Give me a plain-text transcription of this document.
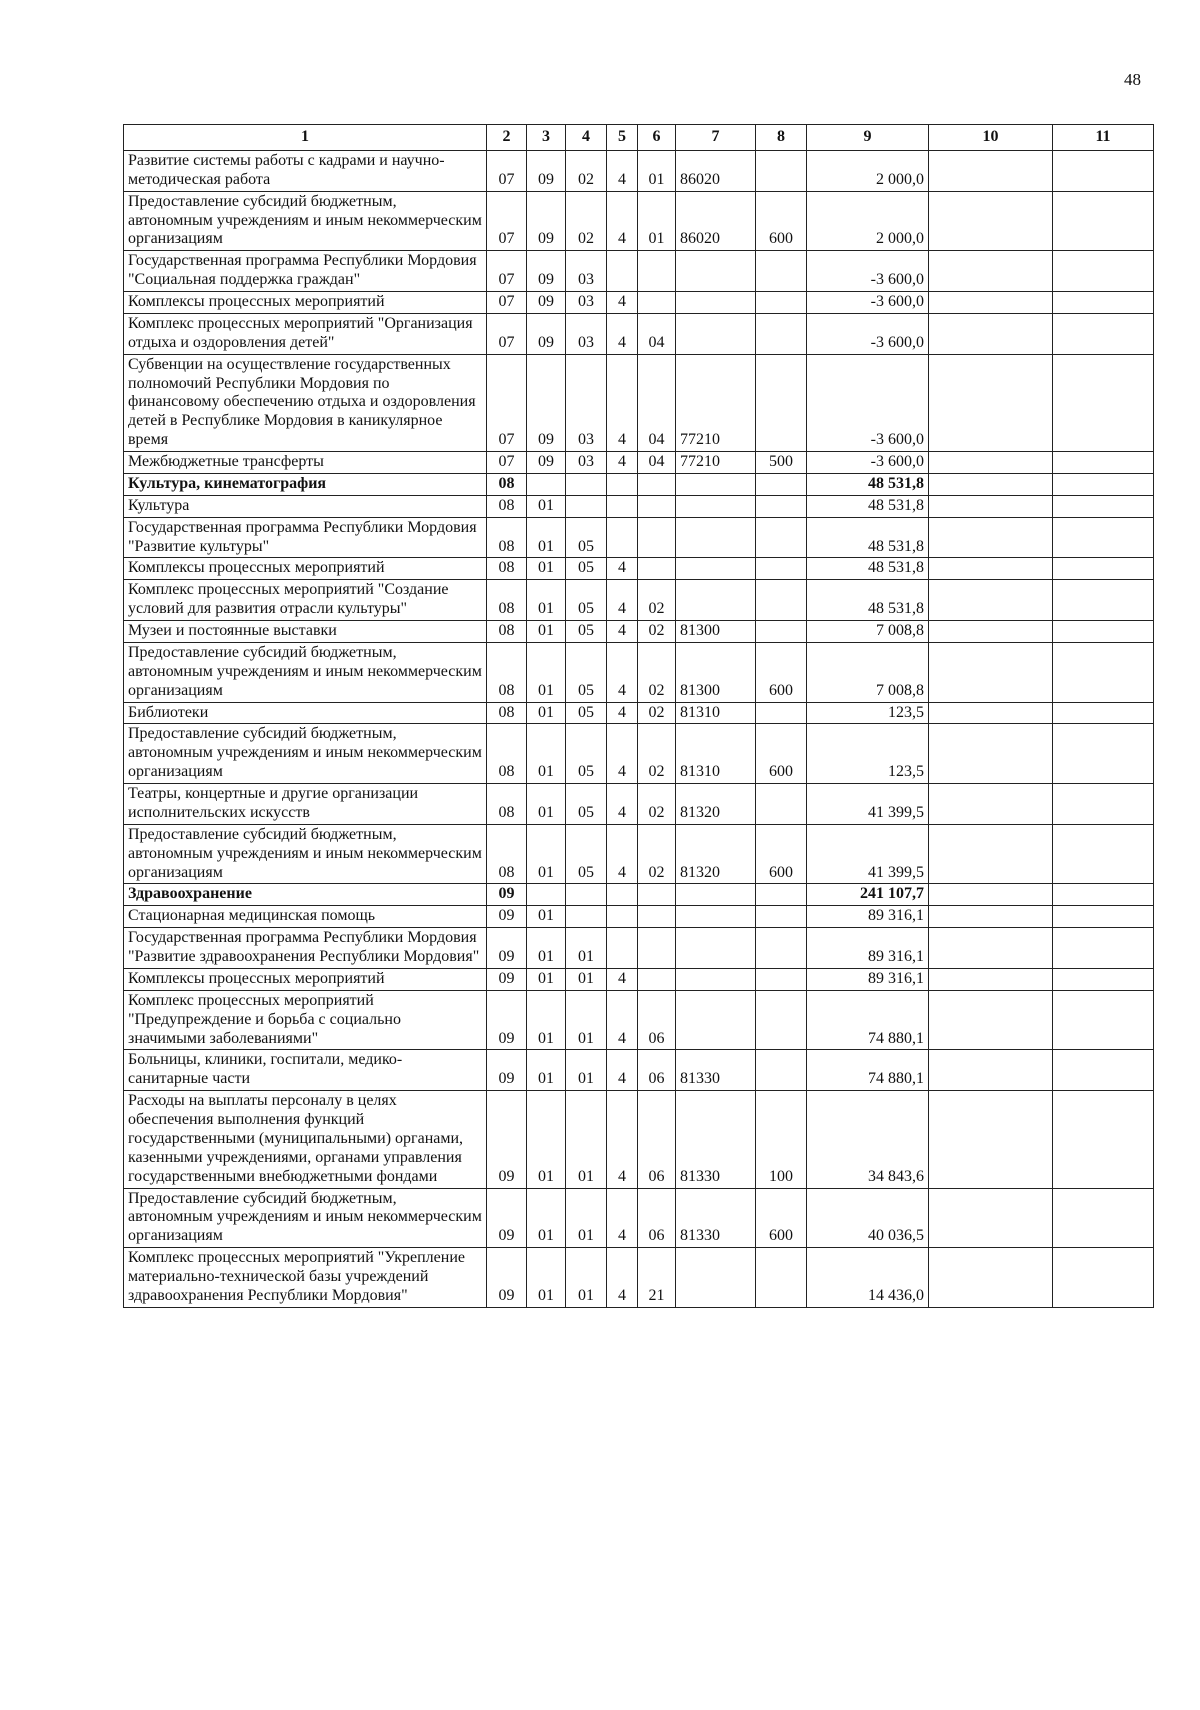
48
1	2	3	4	5	6	7	8	9	10	11
Развитие системы работы с кадрами и научно-методическая работа	07	09	02	4	01	86020		2 000,0		
Предоставление субсидий бюджетным, автономным учреждениям и иным некоммерческим организациям	07	09	02	4	01	86020	600	2 000,0		
Государственная программа Республики Мордовия "Социальная поддержка граждан"	07	09	03					-3 600,0		
Комплексы процессных мероприятий	07	09	03	4				-3 600,0		
Комплекс процессных мероприятий "Организация отдыха и оздоровления детей"	07	09	03	4	04			-3 600,0		
Субвенции на осуществление государственных полномочий Республики Мордовия по финансовому обеспечению отдыха и оздоровления детей в Республике Мордовия в каникулярное время	07	09	03	4	04	77210		-3 600,0		
Межбюджетные трансферты	07	09	03	4	04	77210	500	-3 600,0		
Культура, кинематография	08							48 531,8		
Культура	08	01						48 531,8		
Государственная программа Республики Мордовия "Развитие культуры"	08	01	05					48 531,8		
Комплексы процессных мероприятий	08	01	05	4				48 531,8		
Комплекс процессных мероприятий "Создание условий для развития отрасли культуры"	08	01	05	4	02			48 531,8		
Музеи и постоянные выставки	08	01	05	4	02	81300		7 008,8		
Предоставление субсидий бюджетным, автономным учреждениям и иным некоммерческим организациям	08	01	05	4	02	81300	600	7 008,8		
Библиотеки	08	01	05	4	02	81310		123,5		
Предоставление субсидий бюджетным, автономным учреждениям и иным некоммерческим организациям	08	01	05	4	02	81310	600	123,5		
Театры, концертные и другие организации исполнительских искусств	08	01	05	4	02	81320		41 399,5		
Предоставление субсидий бюджетным, автономным учреждениям и иным некоммерческим организациям	08	01	05	4	02	81320	600	41 399,5		
Здравоохранение	09							241 107,7		
Стационарная медицинская помощь	09	01						89 316,1		
Государственная программа Республики Мордовия "Развитие здравоохранения Республики Мордовия"	09	01	01					89 316,1		
Комплексы процессных мероприятий	09	01	01	4				89 316,1		
Комплекс процессных мероприятий "Предупреждение и борьба с социально значимыми заболеваниями"	09	01	01	4	06			74 880,1		
Больницы, клиники, госпитали, медико-санитарные части	09	01	01	4	06	81330		74 880,1		
Расходы на выплаты персоналу в целях обеспечения выполнения функций государственными (муниципальными) органами, казенными учреждениями, органами управления государственными внебюджетными фондами	09	01	01	4	06	81330	100	34 843,6		
Предоставление субсидий бюджетным, автономным учреждениям и иным некоммерческим организациям	09	01	01	4	06	81330	600	40 036,5		
Комплекс процессных мероприятий "Укрепление материально-технической базы учреждений здравоохранения Республики Мордовия"	09	01	01	4	21			14 436,0		
